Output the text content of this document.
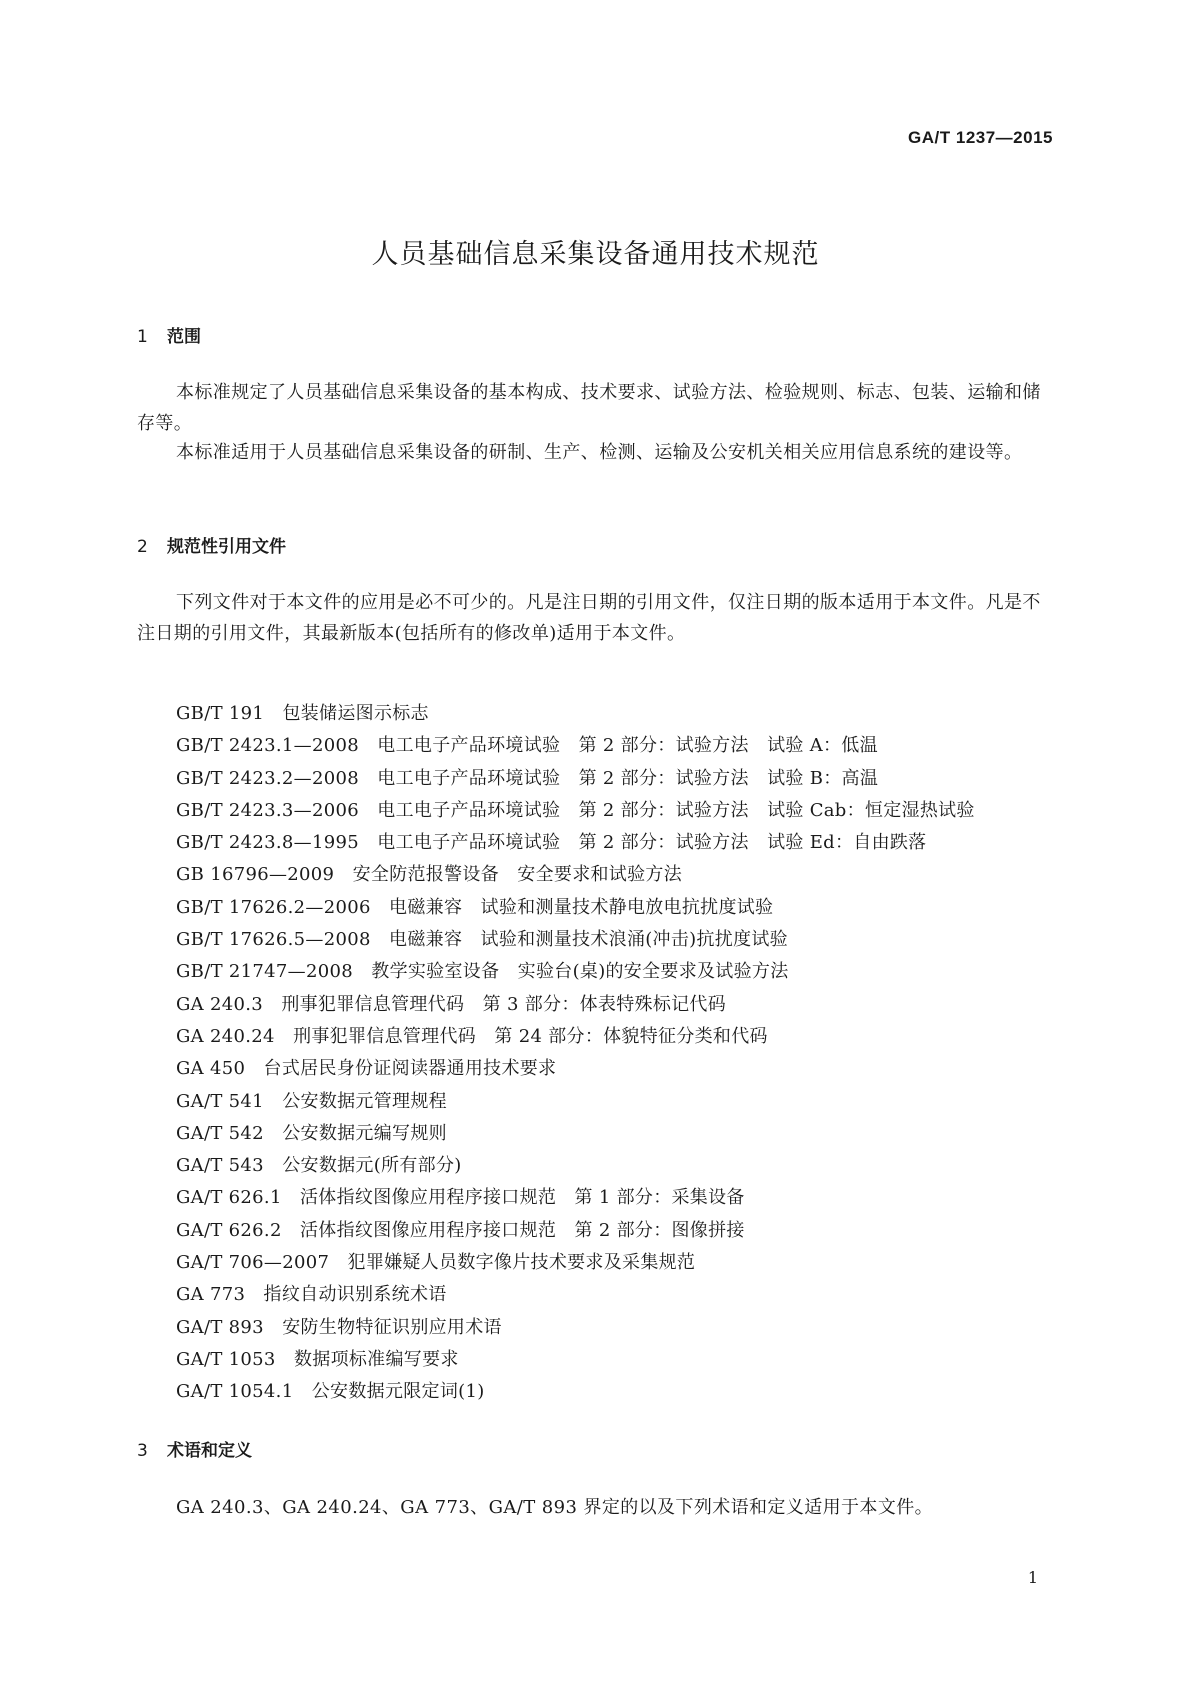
GA/T 1237—2015
人员基础信息采集设备通用技术规范
1 范围

本标准规定了人员基础信息采集设备的基本构成、技术要求、试验方法、检验规则、标志、包装、运输和储存等。

本标准适用于人员基础信息采集设备的研制、生产、检测、运输及公安机关相关应用信息系统的建设等。

2 规范性引用文件

下列文件对于本文件的应用是必不可少的。凡是注日期的引用文件，仅注日期的版本适用于本文件。凡是不注日期的引用文件，其最新版本(包括所有的修改单)适用于本文件。

GB/T 191　包装储运图示标志
GB/T 2423.1—2008　电工电子产品环境试验　第 2 部分：试验方法　试验 A：低温
GB/T 2423.2—2008　电工电子产品环境试验　第 2 部分：试验方法　试验 B：高温
GB/T 2423.3—2006　电工电子产品环境试验　第 2 部分：试验方法　试验 Cab：恒定湿热试验
GB/T 2423.8—1995　电工电子产品环境试验　第 2 部分：试验方法　试验 Ed：自由跌落
GB 16796—2009　安全防范报警设备　安全要求和试验方法
GB/T 17626.2—2006　电磁兼容　试验和测量技术静电放电抗扰度试验
GB/T 17626.5—2008　电磁兼容　试验和测量技术浪涌(冲击)抗扰度试验
GB/T 21747—2008　教学实验室设备　实验台(桌)的安全要求及试验方法
GA 240.3　刑事犯罪信息管理代码　第 3 部分：体表特殊标记代码
GA 240.24　刑事犯罪信息管理代码　第 24 部分：体貌特征分类和代码
GA 450　台式居民身份证阅读器通用技术要求
GA/T 541　公安数据元管理规程
GA/T 542　公安数据元编写规则
GA/T 543　公安数据元(所有部分)
GA/T 626.1　活体指纹图像应用程序接口规范　第 1 部分：采集设备
GA/T 626.2　活体指纹图像应用程序接口规范　第 2 部分：图像拼接
GA/T 706—2007　犯罪嫌疑人员数字像片技术要求及采集规范
GA 773　指纹自动识别系统术语
GA/T 893　安防生物特征识别应用术语
GA/T 1053　数据项标准编写要求
GA/T 1054.1　公安数据元限定词(1)
3 术语和定义

GA 240.3、GA 240.24、GA 773、GA/T 893 界定的以及下列术语和定义适用于本文件。

1
